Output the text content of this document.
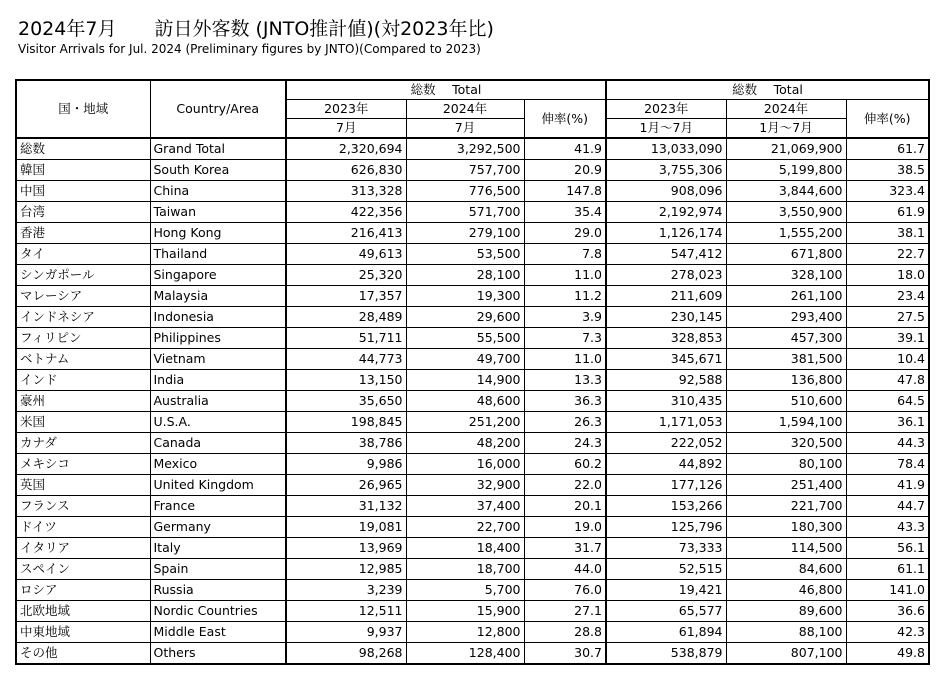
2024年7月　　訪日外客数 (JNTO推計値)(対2023年比)
Visitor Arrivals for Jul. 2024 (Preliminary figures by JNTO)(Compared to 2023)
国・地域	Country/Area	総数　 Total			総数　 Total		
		2023年	2024年	伸率(%)	2023年	2024年	伸率(%)
		7月	7月		1月～7月	1月～7月	
総数	Grand Total	2,320,694	3,292,500	41.9	13,033,090	21,069,900	61.7
韓国	South Korea	626,830	757,700	20.9	3,755,306	5,199,800	38.5
中国	China	313,328	776,500	147.8	908,096	3,844,600	323.4
台湾	Taiwan	422,356	571,700	35.4	2,192,974	3,550,900	61.9
香港	Hong Kong	216,413	279,100	29.0	1,126,174	1,555,200	38.1
タイ	Thailand	49,613	53,500	7.8	547,412	671,800	22.7
シンガポール	Singapore	25,320	28,100	11.0	278,023	328,100	18.0
マレーシア	Malaysia	17,357	19,300	11.2	211,609	261,100	23.4
インドネシア	Indonesia	28,489	29,600	3.9	230,145	293,400	27.5
フィリピン	Philippines	51,711	55,500	7.3	328,853	457,300	39.1
ベトナム	Vietnam	44,773	49,700	11.0	345,671	381,500	10.4
インド	India	13,150	14,900	13.3	92,588	136,800	47.8
豪州	Australia	35,650	48,600	36.3	310,435	510,600	64.5
米国	U.S.A.	198,845	251,200	26.3	1,171,053	1,594,100	36.1
カナダ	Canada	38,786	48,200	24.3	222,052	320,500	44.3
メキシコ	Mexico	9,986	16,000	60.2	44,892	80,100	78.4
英国	United Kingdom	26,965	32,900	22.0	177,126	251,400	41.9
フランス	France	31,132	37,400	20.1	153,266	221,700	44.7
ドイツ	Germany	19,081	22,700	19.0	125,796	180,300	43.3
イタリア	Italy	13,969	18,400	31.7	73,333	114,500	56.1
スペイン	Spain	12,985	18,700	44.0	52,515	84,600	61.1
ロシア	Russia	3,239	5,700	76.0	19,421	46,800	141.0
北欧地域	Nordic Countries	12,511	15,900	27.1	65,577	89,600	36.6
中東地域	Middle East	9,937	12,800	28.8	61,894	88,100	42.3
その他	Others	98,268	128,400	30.7	538,879	807,100	49.8
